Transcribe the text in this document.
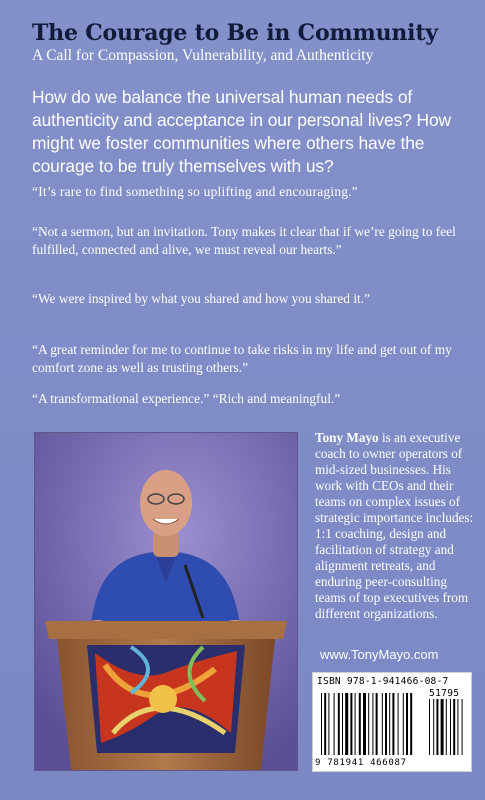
The Courage to Be in Community
A Call for Compassion, Vulnerability, and Authenticity

How do we balance the universal human needs of authenticity and acceptance in our personal lives? How might we foster communities where others have the courage to be truly themselves with us?

“It’s rare to find something so uplifting and encouraging.”

“Not a sermon, but an invitation. Tony makes it clear that if we’re going to feel fulfilled, connected and alive, we must reveal our hearts.”

“We were inspired by what you shared and how you shared it.”

“A great reminder for me to continue to take risks in my life and get out of my comfort zone as well as trusting others.”

“A transformational experience.” “Rich and meaningful.”

Tony Mayo is an executive coach to owner operators of mid-sized businesses. His work with CEOs and their teams on complex issues of strategic importance includes: 1:1 coaching, design and facilitation of strategy and alignment retreats, and enduring peer-consulting teams of top executives from different organizations.

www.TonyMayo.com
ISBN 978-1-941466-08-7
51795
9 781941 466087
